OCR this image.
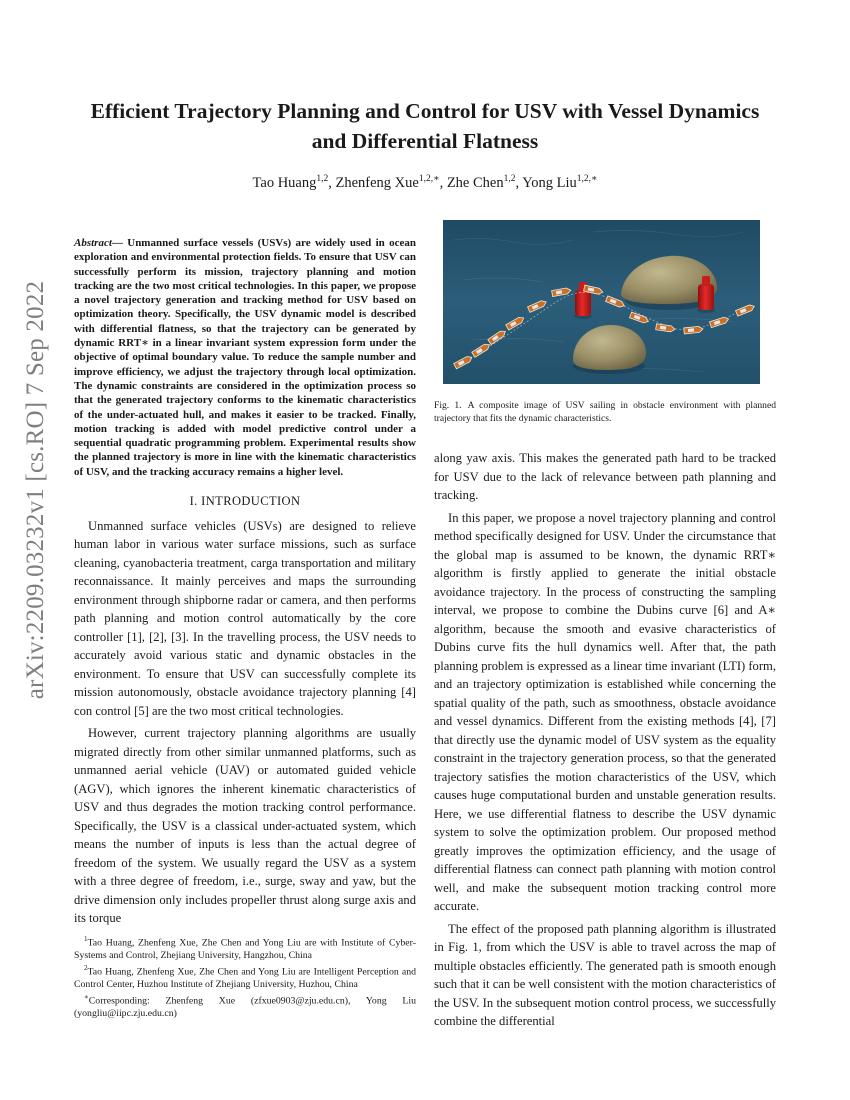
arXiv:2209.03232v1 [cs.RO] 7 Sep 2022
Efficient Trajectory Planning and Control for USV with Vessel Dynamics and Differential Flatness
Tao Huang$^{1,2}$, Zhenfeng Xue$^{1,2,∗}$, Zhe Chen$^{1,2}$, Yong Liu$^{1,2,∗}$

Abstract— Unmanned surface vessels (USVs) are widely used in ocean exploration and environmental protection fields. To ensure that USV can successfully perform its mission, trajectory planning and motion tracking are the two most critical technologies. In this paper, we propose a novel trajectory generation and tracking method for USV based on optimization theory. Specifically, the USV dynamic model is described with differential flatness, so that the trajectory can be generated by dynamic RRT∗ in a linear invariant system expression form under the objective of optimal boundary value. To reduce the sample number and improve efficiency, we adjust the trajectory through local optimization. The dynamic constraints are considered in the optimization process so that the generated trajectory conforms to the kinematic characteristics of the under-actuated hull, and makes it easier to be tracked. Finally, motion tracking is added with model predictive control under a sequential quadratic programming problem. Experimental results show the planned trajectory is more in line with the kinematic characteristics of USV, and the tracking accuracy remains a higher level.

I. INTRODUCTION

Unmanned surface vehicles (USVs) are designed to relieve human labor in various water surface missions, such as surface cleaning, cyanobacteria treatment, carga transportation and military reconnaissance. It mainly perceives and maps the surrounding environment through shipborne radar or camera, and then performs path planning and motion control automatically by the core controller [1], [2], [3]. In the travelling process, the USV needs to accurately avoid various static and dynamic obstacles in the environment. To ensure that USV can successfully complete its mission autonomously, obstacle avoidance trajectory planning [4] con control [5] are the two most critical technologies.

However, current trajectory planning algorithms are usually migrated directly from other similar unmanned platforms, such as unmanned aerial vehicle (UAV) or automated guided vehicle (AGV), which ignores the inherent kinematic characteristics of USV and thus degrades the motion tracking control performance. Specifically, the USV is a classical under-actuated system, which means the number of inputs is less than the actual degree of freedom of the system. We usually regard the USV as a system with a three degree of freedom, i.e., surge, sway and yaw, but the drive dimension only includes propeller thrust along surge axis and its torque

Fig. 1. A composite image of USV sailing in obstacle environment with planned trajectory that fits the dynamic characteristics.

along yaw axis. This makes the generated path hard to be tracked for USV due to the lack of relevance between path planning and tracking.

In this paper, we propose a novel trajectory planning and control method specifically designed for USV. Under the circumstance that the global map is assumed to be known, the dynamic RRT∗ algorithm is firstly applied to generate the initial obstacle avoidance trajectory. In the process of constructing the sampling interval, we propose to combine the Dubins curve [6] and A∗ algorithm, because the smooth and evasive characteristics of Dubins curve fits the hull dynamics well. After that, the path planning problem is expressed as a linear time invariant (LTI) form, and an trajectory optimization is established while concerning the spatial quality of the path, such as smoothness, obstacle avoidance and vessel dynamics. Different from the existing methods [4], [7] that directly use the dynamic model of USV system as the equality constraint in the trajectory generation process, so that the generated trajectory satisfies the motion characteristics of the USV, which causes huge computational burden and unstable generation results. Here, we use differential flatness to describe the USV dynamic system to solve the optimization problem. Our proposed method greatly improves the optimization efficiency, and the usage of differential flatness can connect path planning with motion control well, and make the subsequent motion tracking control more accurate.

The effect of the proposed path planning algorithm is illustrated in Fig. 1, from which the USV is able to travel across the map of multiple obstacles efficiently. The generated path is smooth enough such that it can be well consistent with the motion characteristics of the USV. In the subsequent motion control process, we successfully combine the differential

$^1$Tao Huang, Zhenfeng Xue, Zhe Chen and Yong Liu are with Institute of Cyber-Systems and Control, Zhejiang University, Hangzhou, China

$^2$Tao Huang, Zhenfeng Xue, Zhe Chen and Yong Liu are Intelligent Perception and Control Center, Huzhou Institute of Zhejiang University, Huzhou, China

∗Corresponding: Zhenfeng Xue (zfxue0903@zju.edu.cn), Yong Liu (yongliu@iipc.zju.edu.cn)
